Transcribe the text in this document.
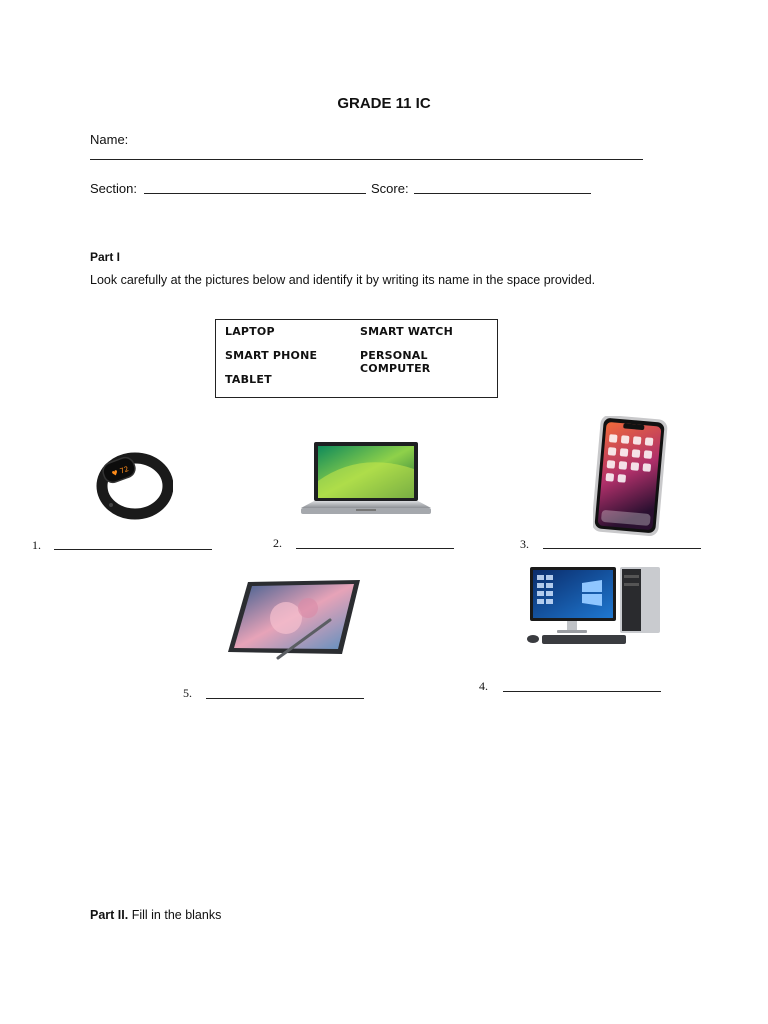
GRADE 11 IC
Name:
Section:	Score:
Part I
Look carefully at the pictures below and identify it by writing its name in the space provided.
LAPTOP	SMART WATCH
SMART PHONE	PERSONAL COMPUTER
TABLET
♥ 72
1.	2.	3.
4.
5.
Part II. Fill in the blanks
